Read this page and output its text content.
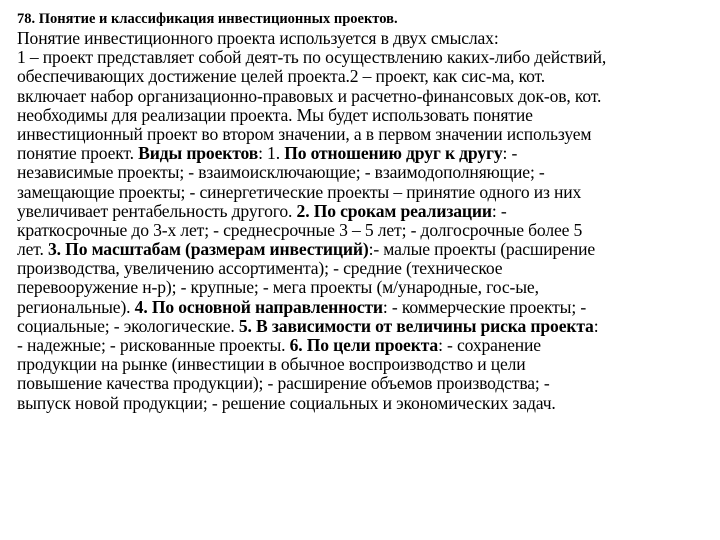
78. Понятие и классификация инвестиционных проектов.
Понятие инвестиционного проекта используется в двух смыслах:
1 – проект представляет собой деят-ть по осуществлению каких-либо действий,
обеспечивающих достижение целей проекта.2 – проект, как сис-ма, кот.
включает набор организационно-правовых и расчетно-финансовых док-ов, кот.
необходимы для реализации проекта. Мы будет использовать понятие
инвестиционный проект во втором значении, а в первом значении используем
понятие проект. Виды проектов: 1. По отношению друг к другу: -
независимые проекты; - взаимоисключающие; - взаимодополняющие; -
замещающие проекты; - синергетические проекты – принятие одного из них
увеличивает рентабельность другого. 2. По срокам реализации: -
краткосрочные до 3-х лет; - среднесрочные 3 – 5 лет; - долгосрочные более 5
лет. 3. По масштабам (размерам инвестиций):- малые проекты (расширение
производства, увеличению ассортимента); - средние (техническое
перевооружение н-р); - крупные; - мега проекты (м/ународные, гос-ые,
региональные). 4. По основной направленности: - коммерческие проекты; -
социальные; - экологические. 5. В зависимости от величины риска проекта:
- надежные; - рискованные проекты. 6. По цели проекта: - сохранение
продукции на рынке (инвестиции в обычное воспроизводство и цели
повышение качества продукции); - расширение объемов производства; -
выпуск новой продукции; - решение социальных и экономических задач.
